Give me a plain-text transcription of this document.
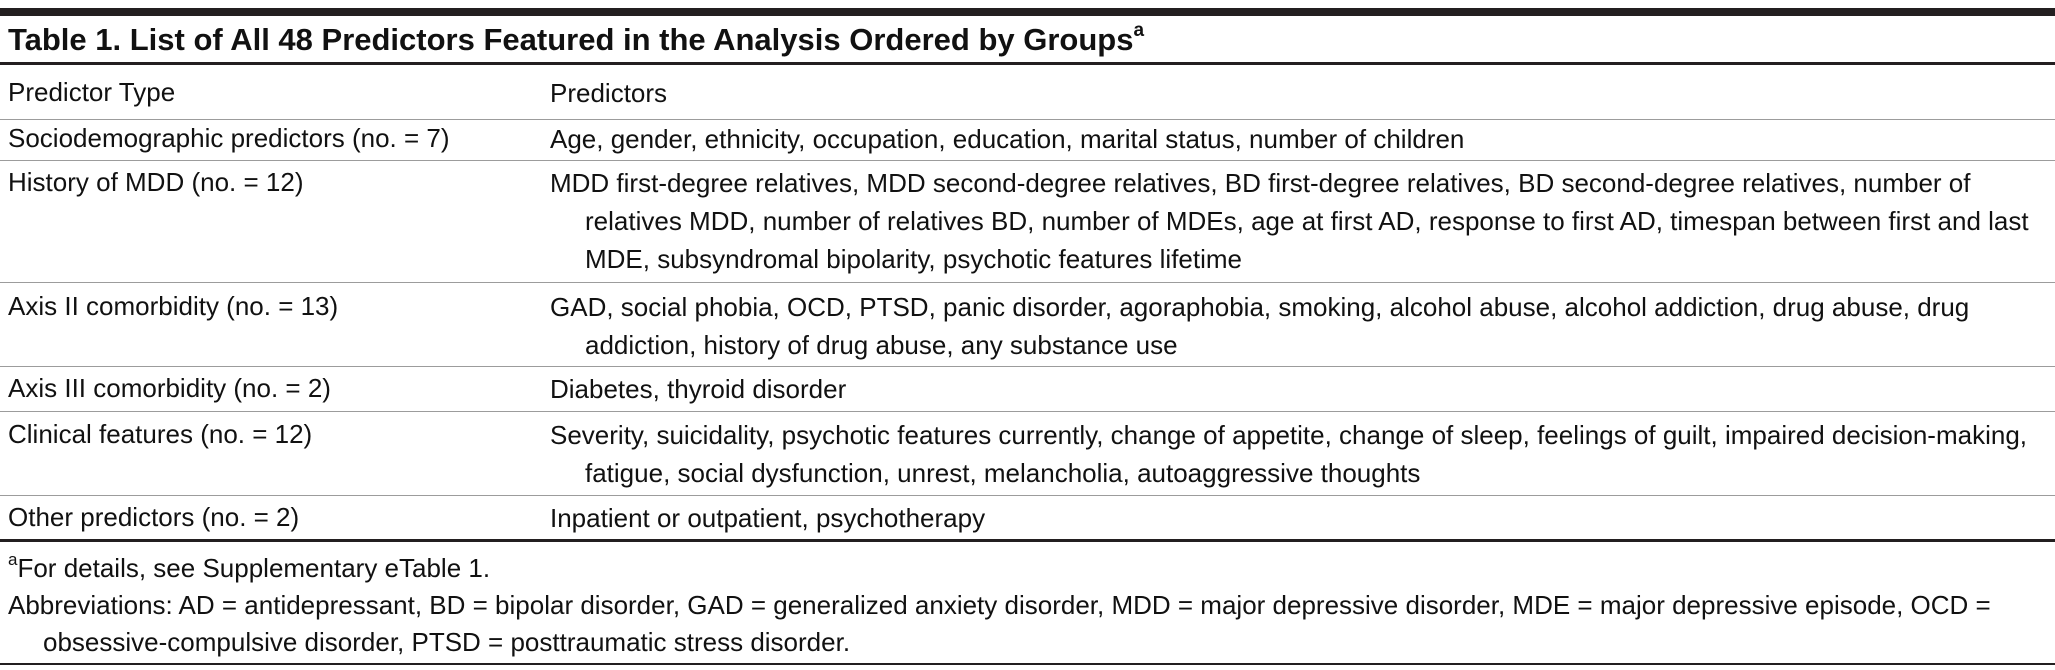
Table 1. List of All 48 Predictors Featured in the Analysis Ordered by Groups$^a$
Predictor Type	Predictors
Sociodemographic predictors (no. = 7)	Age, gender, ethnicity, occupation, education, marital status, number of children
History of MDD (no. = 12)	MDD first-degree relatives, MDD second-degree relatives, BD first-degree relatives, BD second-degree relatives, number of relatives MDD, number of relatives BD, number of MDEs, age at first AD, response to first AD, timespan between first and last MDE, subsyndromal bipolarity, psychotic features lifetime
Axis II comorbidity (no. = 13)	GAD, social phobia, OCD, PTSD, panic disorder, agoraphobia, smoking, alcohol abuse, alcohol addiction, drug abuse, drug addiction, history of drug abuse, any substance use
Axis III comorbidity (no. = 2)	Diabetes, thyroid disorder
Clinical features (no. = 12)	Severity, suicidality, psychotic features currently, change of appetite, change of sleep, feelings of guilt, impaired decision-making, fatigue, social dysfunction, unrest, melancholia, autoaggressive thoughts
Other predictors (no. = 2)	Inpatient or outpatient, psychotherapy
$^a$For details, see Supplementary eTable 1.
Abbreviations: AD = antidepressant, BD = bipolar disorder, GAD = generalized anxiety disorder, MDD = major depressive disorder, MDE = major depressive episode, OCD = obsessive-compulsive disorder, PTSD = posttraumatic stress disorder.
